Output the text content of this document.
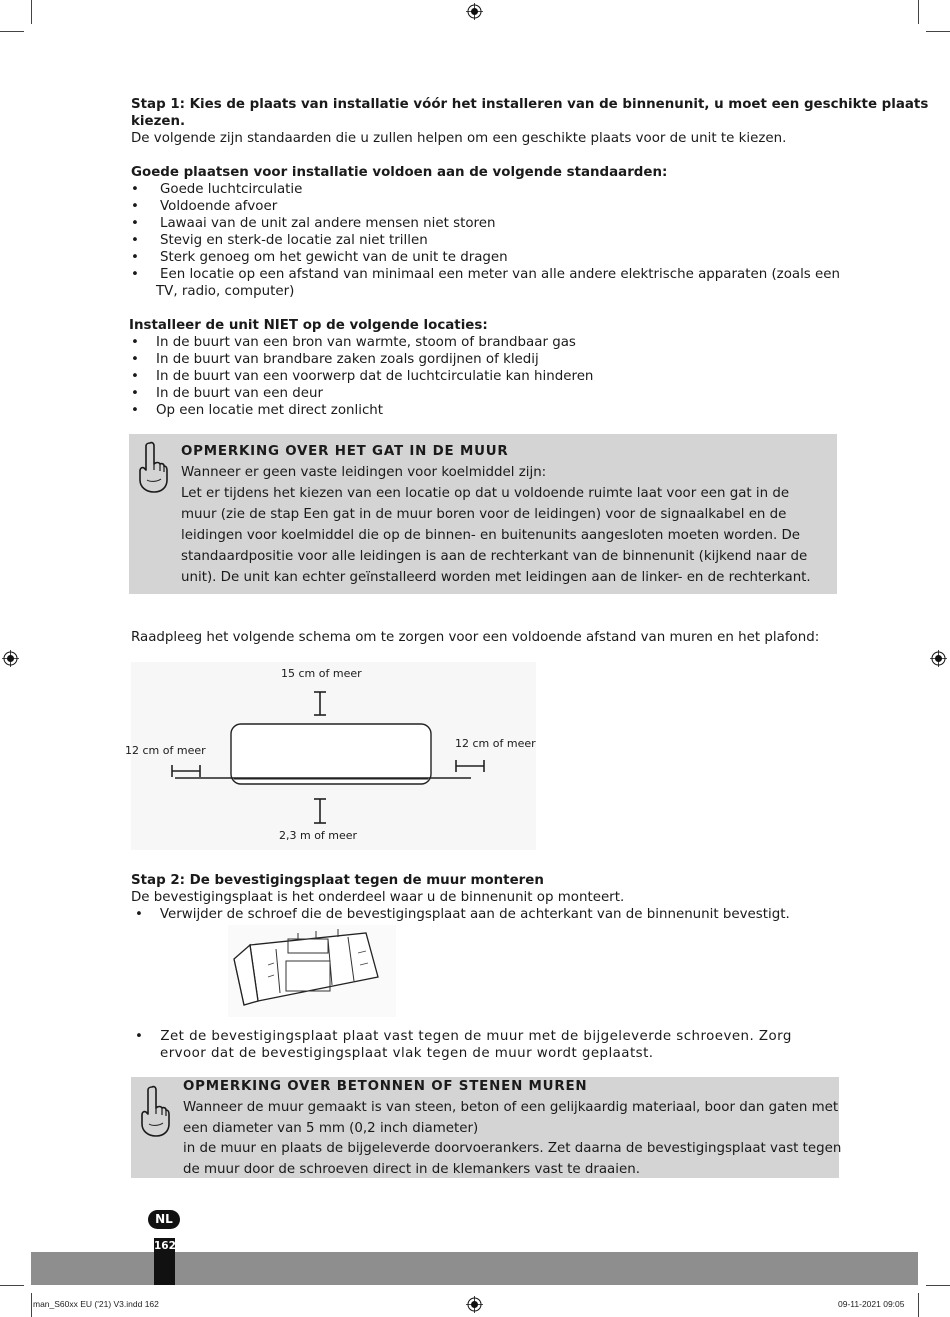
Stap 1: Kies de plaats van installatie vóór het installeren van de binnenunit, u moet een geschikte plaats
kiezen.
De volgende zijn standaarden die u zullen helpen om een geschikte plaats voor de unit te kiezen.
Goede plaatsen voor installatie voldoen aan de volgende standaarden:
• Goede luchtcirculatie
• Voldoende afvoer
• Lawaai van de unit zal andere mensen niet storen
• Stevig en sterk-de locatie zal niet trillen
• Sterk genoeg om het gewicht van de unit te dragen
• Een locatie op een afstand van minimaal een meter van alle andere elektrische apparaten (zoals een
TV, radio, computer)
Installeer de unit NIET op de volgende locaties:
• In de buurt van een bron van warmte, stoom of brandbaar gas
• In de buurt van brandbare zaken zoals gordijnen of kledij
• In de buurt van een voorwerp dat de luchtcirculatie kan hinderen
• In de buurt van een deur
• Op een locatie met direct zonlicht
OPMERKING OVER HET GAT IN DE MUUR
Wanneer er geen vaste leidingen voor koelmiddel zijn:
Let er tijdens het kiezen van een locatie op dat u voldoende ruimte laat voor een gat in de
muur (zie de stap Een gat in de muur boren voor de leidingen) voor de signaalkabel en de
leidingen voor koelmiddel die op de binnen- en buitenunits aangesloten moeten worden. De
standaardpositie voor alle leidingen is aan de rechterkant van de binnenunit (kijkend naar de
unit). De unit kan echter geïnstalleerd worden met leidingen aan de linker- en de rechterkant.
Raadpleeg het volgende schema om te zorgen voor een voldoende afstand van muren en het plafond:
15 cm of meer
12 cm of meer
12 cm of meer
2,3 m of meer
Stap 2: De bevestigingsplaat tegen de muur monteren
De bevestigingsplaat is het onderdeel waar u de binnenunit op monteert.
• Verwijder de schroef die de bevestigingsplaat aan de achterkant van de binnenunit bevestigt.
• Zet de bevestigingsplaat plaat vast tegen de muur met de bijgeleverde schroeven. Zorg
ervoor dat de bevestigingsplaat vlak tegen de muur wordt geplaatst.
OPMERKING OVER BETONNEN OF STENEN MUREN
Wanneer de muur gemaakt is van steen, beton of een gelijkaardig materiaal, boor dan gaten met
een diameter van 5 mm (0,2 inch diameter)
in de muur en plaats de bijgeleverde doorvoerankers. Zet daarna de bevestigingsplaat vast tegen
de muur door de schroeven direct in de klemankers vast te draaien.
NL
162
man_S60xx EU ('21) V3.indd 162	09-11-2021 09:05
